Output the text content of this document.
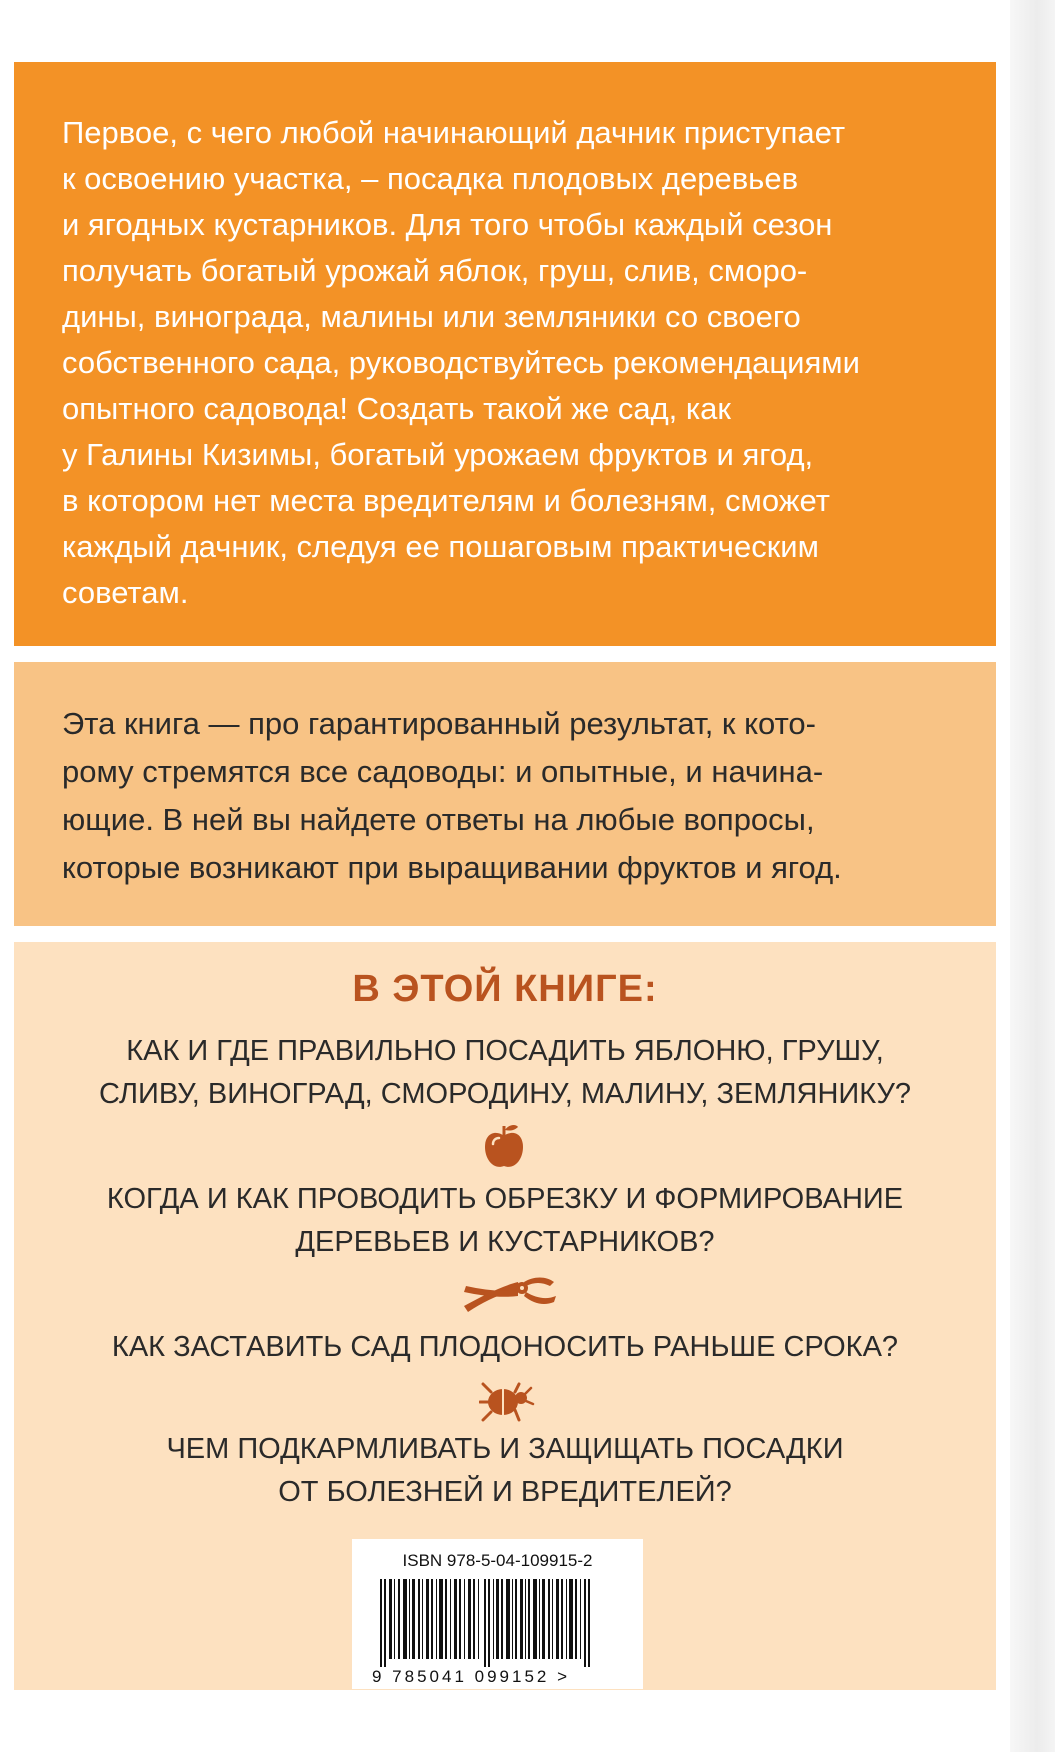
Первое, с чего любой начинающий дачник приступает
к освоению участка, – посадка плодовых деревьев
и ягодных кустарников. Для того чтобы каждый сезон
получать богатый урожай яблок, груш, слив, сморо-
дины, винограда, малины или земляники со своего
собственного сада, руководствуйтесь рекомендациями
опытного садовода! Создать такой же сад, как
у Галины Кизимы, богатый урожаем фруктов и ягод,
в котором нет места вредителям и болезням, сможет
каждый дачник, следуя ее пошаговым практическим
советам.

Эта книга — про гарантированный результат, к кото-
рому стремятся все садоводы: и опытные, и начина-
ющие. В ней вы найдете ответы на любые вопросы,
которые возникают при выращивании фруктов и ягод.

В ЭТОЙ КНИГЕ:
КАК И ГДЕ ПРАВИЛЬНО ПОСАДИТЬ ЯБЛОНЮ, ГРУШУ,
СЛИВУ, ВИНОГРАД, СМОРОДИНУ, МАЛИНУ, ЗЕМЛЯНИКУ?
КОГДА И КАК ПРОВОДИТЬ ОБРЕЗКУ И ФОРМИРОВАНИЕ
ДЕРЕВЬЕВ И КУСТАРНИКОВ?
КАК ЗАСТАВИТЬ САД ПЛОДОНОСИТЬ РАНЬШЕ СРОКА?
ЧЕМ ПОДКАРМЛИВАТЬ И ЗАЩИЩАТЬ ПОСАДКИ
ОТ БОЛЕЗНЕЙ И ВРЕДИТЕЛЕЙ?
ISBN 978-5-04-109915-2
9 785041 099152 >
